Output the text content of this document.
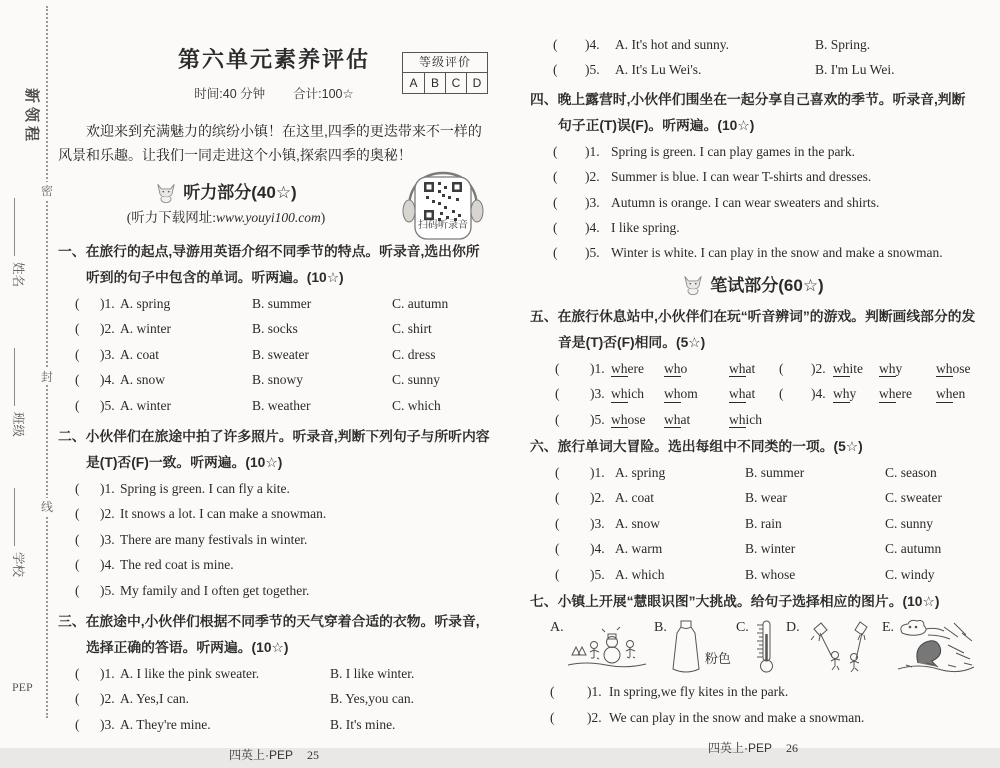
密
封
线
新领程
姓名
班级
学校
PEP
等级评价
A	B	C	D
第六单元素养评估
时间:40 分钟 合计:100☆

欢迎来到充满魅力的缤纷小镇！在这里,四季的更迭带来不一样的风景和乐趣。让我们一同走进这个小镇,探索四季的奥秘！

听力部分(40☆)
扫码听录音
(听力下载网址:www.youyi100.com)
一、在旅行的起点,导游用英语介绍不同季节的特点。听录音,选出你所听到的句子中包含的单词。听两遍。(10☆)
(	)1. A. spring	B. summer	C. autumn
(	)2. A. winter	B. socks	C. shirt
(	)3. A. coat	B. sweater	C. dress
(	)4. A. snow	B. snowy	C. sunny
(	)5. A. winter	B. weather	C. which
二、小伙伴们在旅途中拍了许多照片。听录音,判断下列句子与所听内容是(T)否(F)一致。听两遍。(10☆)
(	)1. Spring is green. I can fly a kite.
(	)2. It snows a lot. I can make a snowman.
(	)3. There are many festivals in winter.
(	)4. The red coat is mine.
(	)5. My family and I often get together.
三、在旅途中,小伙伴们根据不同季节的天气穿着合适的衣物。听录音,选择正确的答语。听两遍。(10☆)
(	)1. A. I like the pink sweater.	B. I like winter.
(	)2. A. Yes,I can.	B. Yes,you can.
(	)3. A. They're mine.	B. It's mine.
四英上·PEP 25
(	)4.	A. It's hot and sunny.	B. Spring.
(	)5.	A. It's Lu Wei's.	B. I'm Lu Wei.
四、晚上露营时,小伙伴们围坐在一起分享自己喜欢的季节。听录音,判断句子正(T)误(F)。听两遍。(10☆)
(	)1. Spring is green. I can play games in the park.
(	)2. Summer is blue. I can wear T-shirts and dresses.
(	)3. Autumn is orange. I can wear sweaters and shirts.
(	)4. I like spring.
(	)5. Winter is white. I can play in the snow and make a snowman.
笔试部分(60☆)
五、在旅行休息站中,小伙伴们在玩“听音辨词”的游戏。判断画线部分的发音是(T)否(F)相同。(5☆)
(	)1. where	who	what	(	)2. white	why	whose
(	)3. which	whom	what	(	)4. why	where	when
(	)5. whose	what	which
六、旅行单词大冒险。选出每组中不同类的一项。(5☆)
(	)1. A. spring	B. summer	C. season
(	)2. A. coat	B. wear	C. sweater
(	)3. A. snow	B. rain	C. sunny
(	)4. A. warm	B. winter	C. autumn
(	)5. A. which	B. whose	C. windy
七、小镇上开展“慧眼识图”大挑战。给句子选择相应的图片。(10☆)
A.	B.
粉色
C.	D.	E.
(	)1. In spring,we fly kites in the park.
(	)2. We can play in the snow and make a snowman.
四英上·PEP 26
